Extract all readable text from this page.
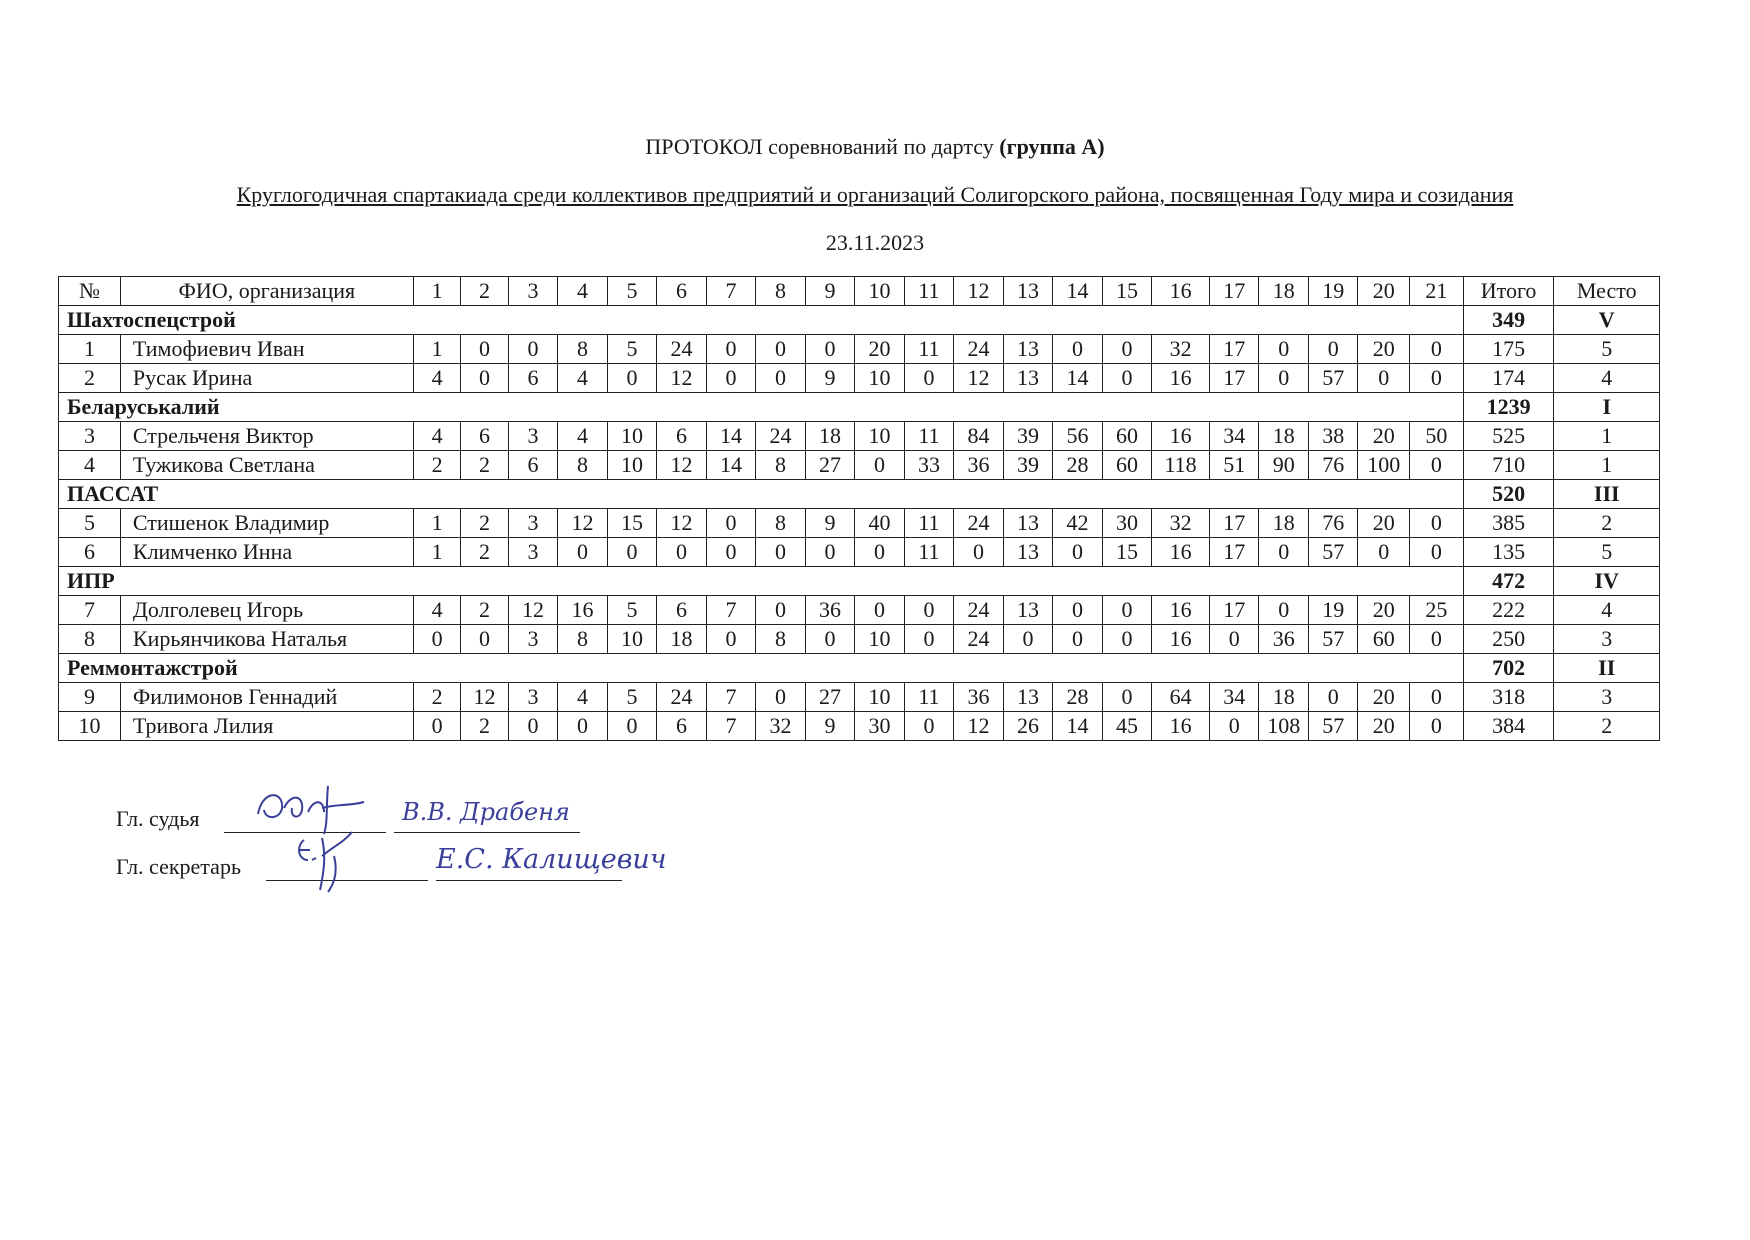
ПРОТОКОЛ соревнований по дартсу (группа А)
Круглогодичная спартакиада среди коллективов предприятий и организаций Солигорского района, посвященная Году мира и созидания
23.11.2023
№	ФИО, организация	1	2	3	4	5	6	7	8	9	10	11	12	13	14	15	16	17	18	19	20	21	Итого	Место
Шахтоспецстрой																							349	V
1	Тимофиевич Иван	1	0	0	8	5	24	0	0	0	20	11	24	13	0	0	32	17	0	0	20	0	175	5
2	Русак Ирина	4	0	6	4	0	12	0	0	9	10	0	12	13	14	0	16	17	0	57	0	0	174	4
Беларуськалий																							1239	I
3	Стрельченя Виктор	4	6	3	4	10	6	14	24	18	10	11	84	39	56	60	16	34	18	38	20	50	525	1
4	Тужикова Светлана	2	2	6	8	10	12	14	8	27	0	33	36	39	28	60	118	51	90	76	100	0	710	1
ПАССАТ																							520	III
5	Стишенок Владимир	1	2	3	12	15	12	0	8	9	40	11	24	13	42	30	32	17	18	76	20	0	385	2
6	Климченко Инна	1	2	3	0	0	0	0	0	0	0	11	0	13	0	15	16	17	0	57	0	0	135	5
ИПР																							472	IV
7	Долголевец Игорь	4	2	12	16	5	6	7	0	36	0	0	24	13	0	0	16	17	0	19	20	25	222	4
8	Кирьянчикова Наталья	0	0	3	8	10	18	0	8	0	10	0	24	0	0	0	16	0	36	57	60	0	250	3
Реммонтажстрой																							702	II
9	Филимонов Геннадий	2	12	3	4	5	24	7	0	27	10	11	36	13	28	0	64	34	18	0	20	0	318	3
10	Тривога Лилия	0	2	0	0	0	6	7	32	9	30	0	12	26	14	45	16	0	108	57	20	0	384	2
Гл. судья	В.В. Драбеня
Гл. секретарь	Е.С. Калищевич
